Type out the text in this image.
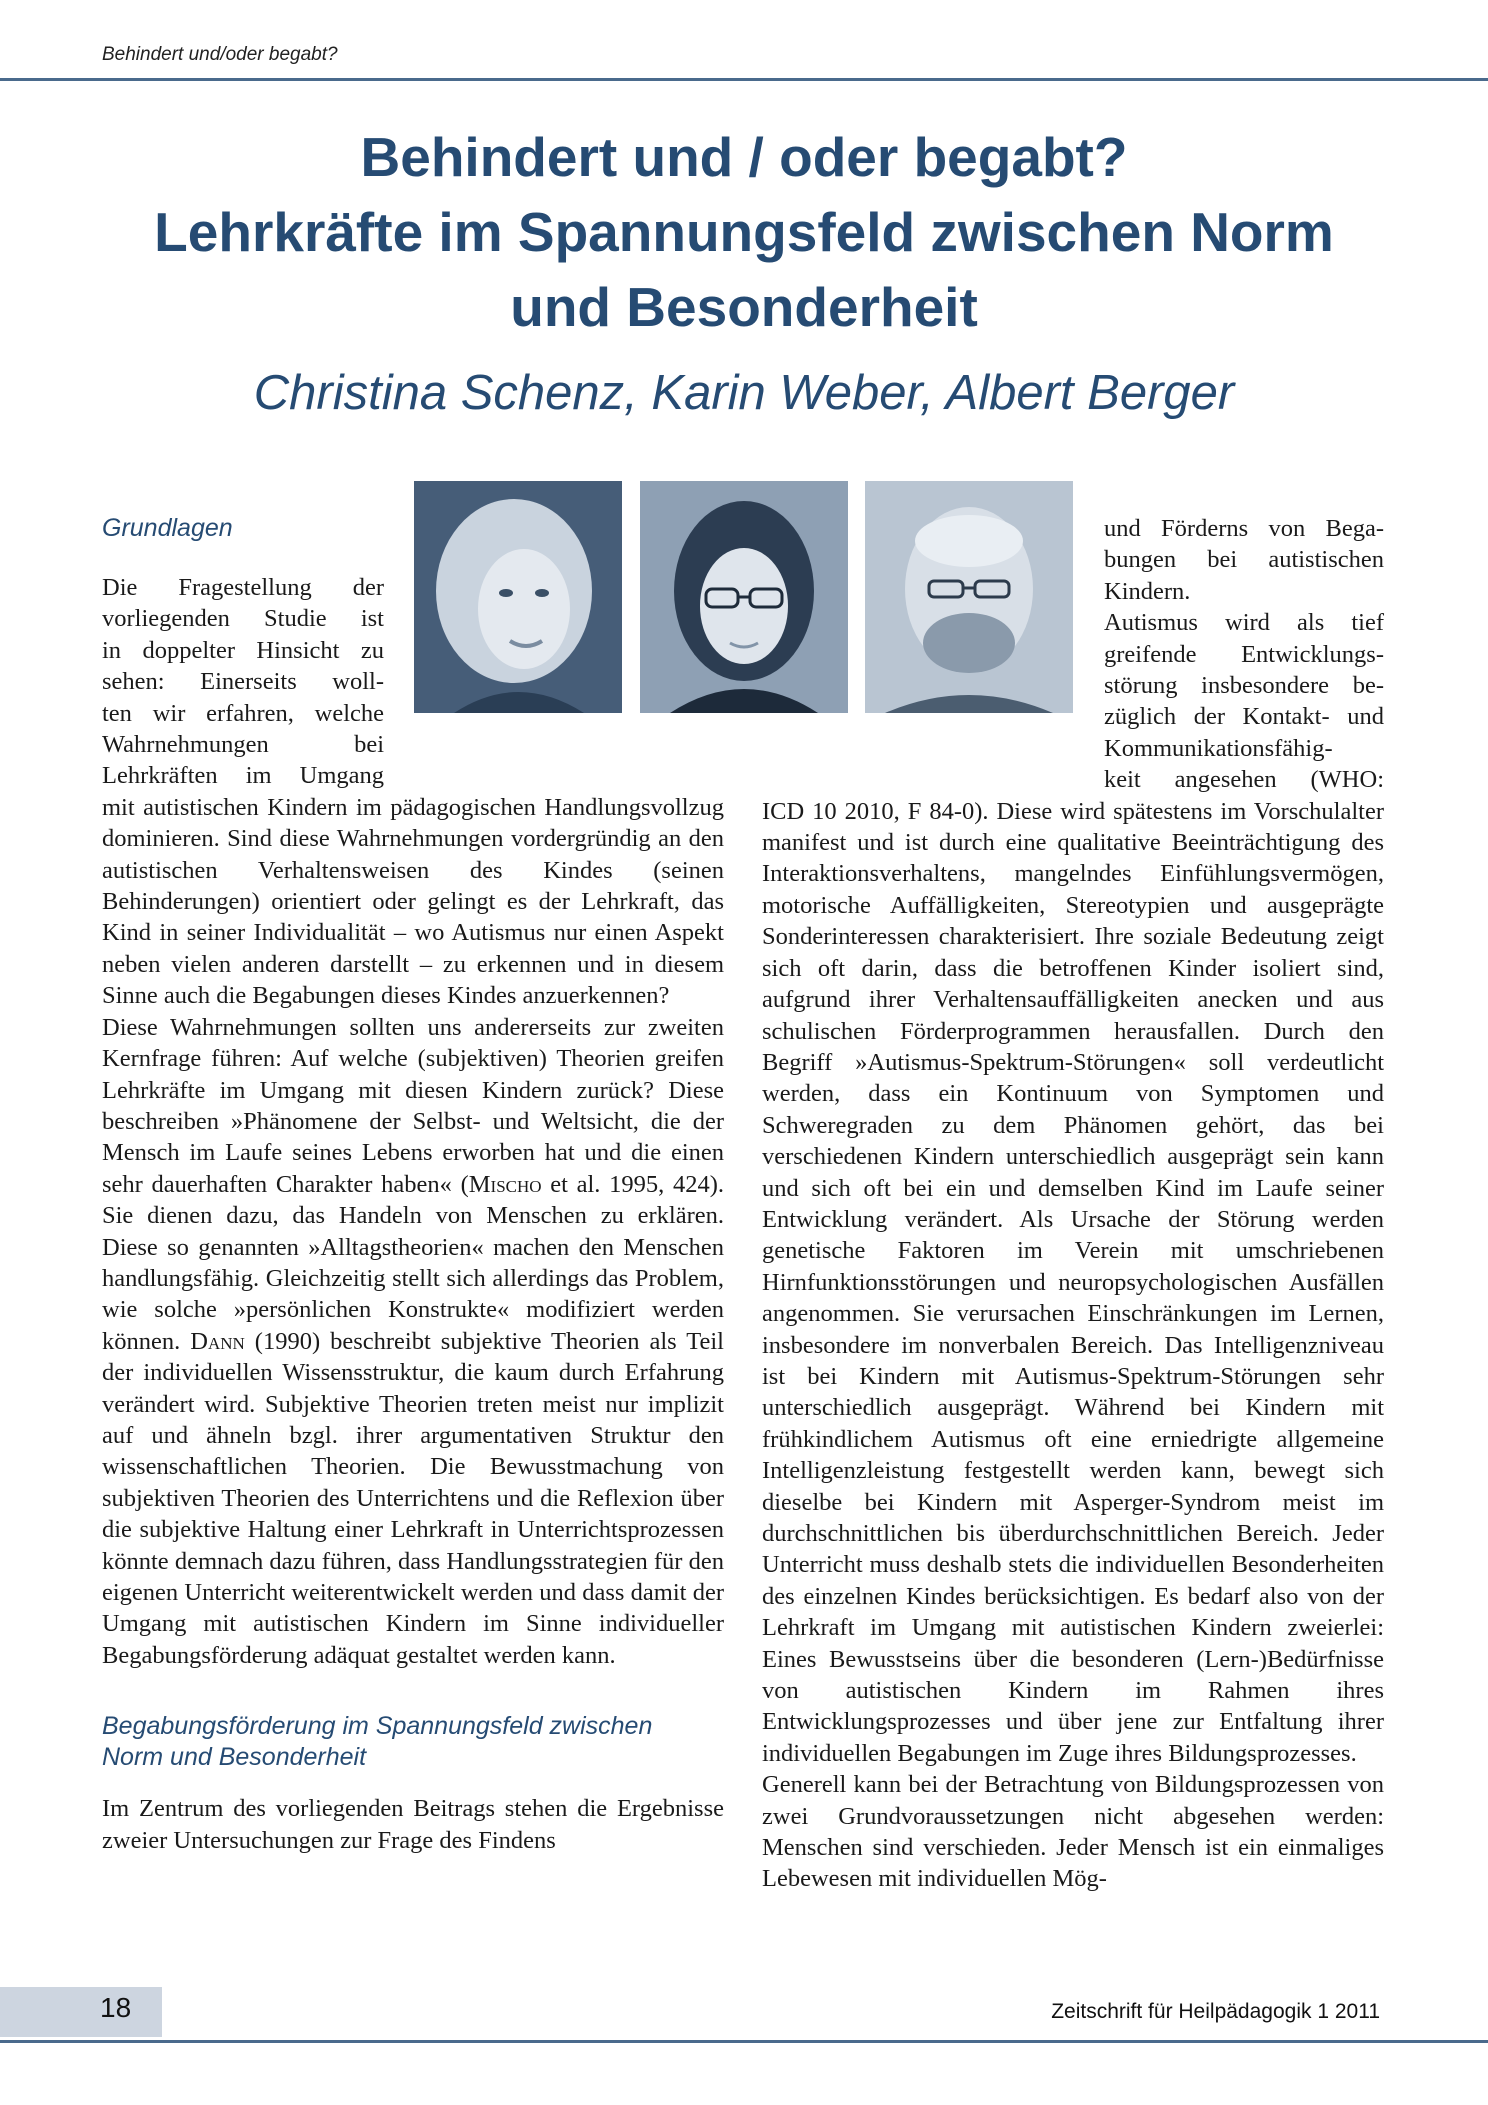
Behindert und/oder begabt?
Behindert und / oder begabt?
Lehrkräfte im Spannungsfeld zwischen Norm
und Besonderheit
Christina Schenz, Karin Weber, Albert Berger

Grundlagen

Die Fragestellung der
vorliegenden Studie ist
in doppelter Hinsicht zu
sehen: Einerseits woll-
ten wir erfahren, welche
Wahrnehmungen bei
Lehrkräften im Umgang

mit autistischen Kindern im pädagogischen Handlungsvollzug dominieren. Sind diese Wahrnehmungen vordergründig an den autistischen Verhaltensweisen des Kindes (seinen Behinderungen) orientiert oder gelingt es der Lehrkraft, das Kind in seiner Individualität – wo Autismus nur einen Aspekt neben vielen anderen darstellt – zu erkennen und in diesem Sinne auch die Begabungen dieses Kindes anzuerkennen?

Diese Wahrnehmungen sollten uns andererseits zur zweiten Kernfrage führen: Auf welche (subjektiven) Theorien greifen Lehrkräfte im Umgang mit diesen Kindern zurück? Diese beschreiben »Phänomene der Selbst- und Weltsicht, die der Mensch im Laufe seines Lebens erworben hat und die einen sehr dauerhaften Charakter haben« (Mischo et al. 1995, 424). Sie dienen dazu, das Handeln von Menschen zu erklären. Diese so genannten »Alltagstheorien« machen den Menschen handlungsfähig. Gleichzeitig stellt sich allerdings das Problem, wie solche »persönlichen Konstrukte« modifiziert werden können. Dann (1990) beschreibt subjektive Theorien als Teil der individuellen Wissensstruktur, die kaum durch Erfahrung verändert wird. Subjektive Theorien treten meist nur implizit auf und ähneln bzgl. ihrer argumentativen Struktur den wissenschaftlichen Theorien. Die Bewusstmachung von subjektiven Theorien des Unterrichtens und die Reflexion über die subjektive Haltung einer Lehrkraft in Unterrichtsprozessen könnte demnach dazu führen, dass Handlungsstrategien für den eigenen Unterricht weiterentwickelt werden und dass damit der Umgang mit autistischen Kindern im Sinne individueller Begabungsförderung adäquat gestaltet werden kann.

Begabungsförderung im Spannungsfeld zwischen
Norm und Besonderheit

Im Zentrum des vorliegenden Beitrags stehen die Ergebnisse zweier Untersuchungen zur Frage des Findens

und Förderns von Bega-
bungen bei autistischen
Kindern.
Autismus wird als tief
greifende Entwicklungs-
störung insbesondere be-
züglich der Kontakt- und
Kommunikationsfähig-
keit angesehen (WHO:

ICD 10 2010, F 84-0). Diese wird spätestens im Vorschulalter manifest und ist durch eine qualitative Beeinträchtigung des Interaktionsverhaltens, mangelndes Einfühlungsvermögen, motorische Auffälligkeiten, Stereotypien und ausgeprägte Sonderinteressen charakterisiert. Ihre soziale Bedeutung zeigt sich oft darin, dass die betroffenen Kinder isoliert sind, aufgrund ihrer Verhaltensauffälligkeiten anecken und aus schulischen Förderprogrammen herausfallen. Durch den Begriff »Autismus-Spektrum-Störungen« soll verdeutlicht werden, dass ein Kontinuum von Symptomen und Schweregraden zu dem Phänomen gehört, das bei verschiedenen Kindern unterschiedlich ausgeprägt sein kann und sich oft bei ein und demselben Kind im Laufe seiner Entwicklung verändert. Als Ursache der Störung werden genetische Faktoren im Verein mit umschriebenen Hirnfunktionsstörungen und neuropsychologischen Ausfällen angenommen. Sie verursachen Einschränkungen im Lernen, insbesondere im nonverbalen Bereich. Das Intelligenzniveau ist bei Kindern mit Autismus-Spektrum-Störungen sehr unterschiedlich ausgeprägt. Während bei Kindern mit frühkindlichem Autismus oft eine erniedrigte allgemeine Intelligenzleistung festgestellt werden kann, bewegt sich dieselbe bei Kindern mit Asperger-Syndrom meist im durchschnittlichen bis überdurchschnittlichen Bereich. Jeder Unterricht muss deshalb stets die individuellen Besonderheiten des einzelnen Kindes berücksichtigen. Es bedarf also von der Lehrkraft im Umgang mit autistischen Kindern zweierlei: Eines Bewusstseins über die besonderen (Lern-)Bedürfnisse von autistischen Kindern im Rahmen ihres Entwicklungsprozesses und über jene zur Entfaltung ihrer individuellen Begabungen im Zuge ihres Bildungsprozesses.

Generell kann bei der Betrachtung von Bildungsprozessen von zwei Grundvoraussetzungen nicht abgesehen werden: Menschen sind verschieden. Jeder Mensch ist ein einmaliges Lebewesen mit individuellen Mög-

18	Zeitschrift für Heilpädagogik 1 2011
